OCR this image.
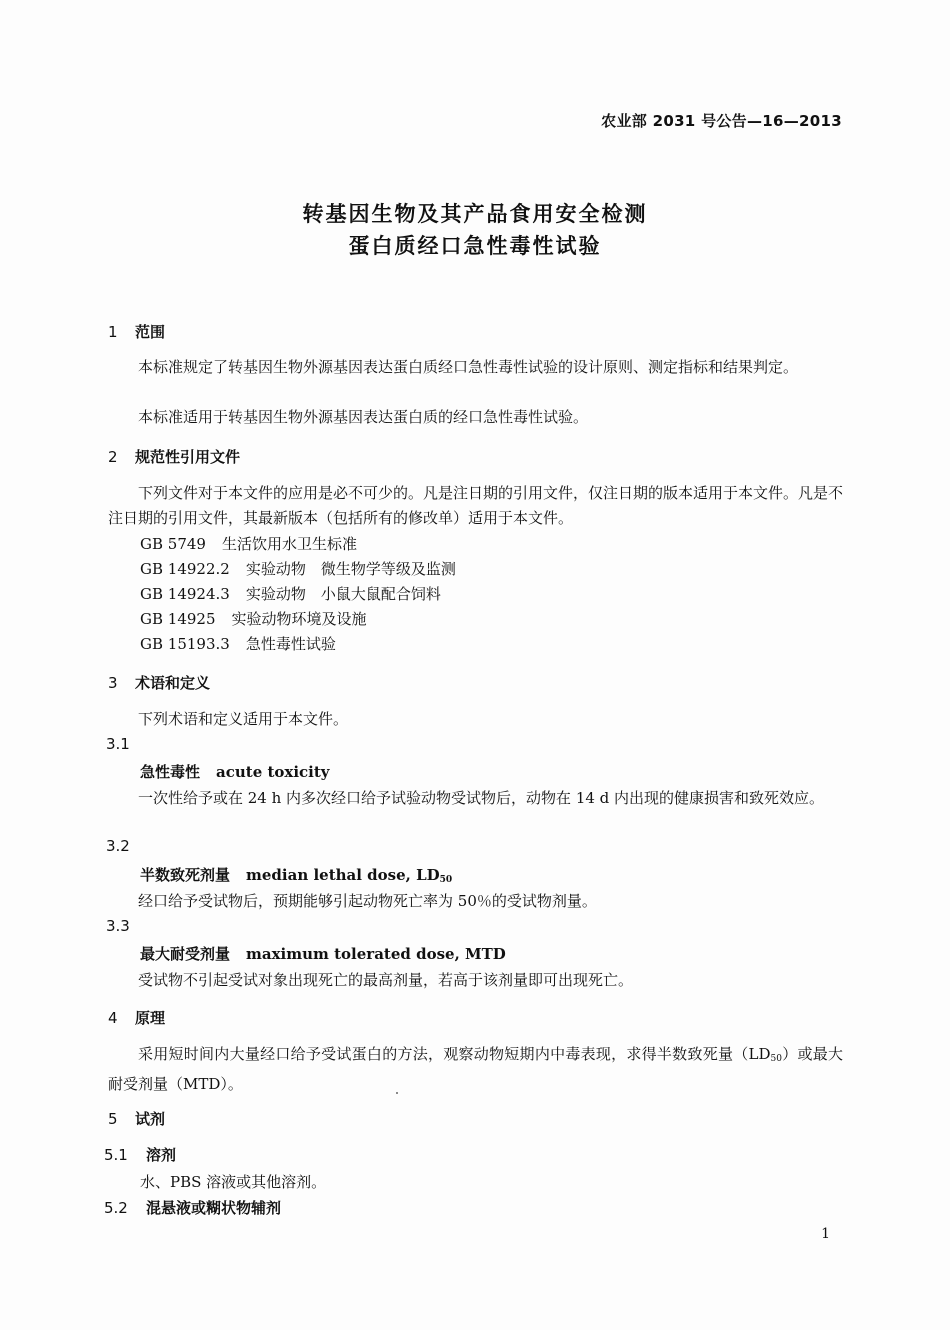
农业部 2031 号公告—16—2013
转基因生物及其产品食用安全检测
蛋白质经口急性毒性试验
1 范围
本标准规定了转基因生物外源基因表达蛋白质经口急性毒性试验的设计原则、测定指标和结果判定。
本标准适用于转基因生物外源基因表达蛋白质的经口急性毒性试验。
2 规范性引用文件
下列文件对于本文件的应用是必不可少的。凡是注日期的引用文件，仅注日期的版本适用于本文件。凡是不注日期的引用文件，其最新版本（包括所有的修改单）适用于本文件。
GB 5749 生活饮用水卫生标准
GB 14922.2 实验动物　微生物学等级及监测
GB 14924.3 实验动物　小鼠大鼠配合饲料
GB 14925 实验动物环境及设施
GB 15193.3 急性毒性试验
3 术语和定义
下列术语和定义适用于本文件。
3.1
急性毒性 acute toxicity
一次性给予或在 24 h 内多次经口给予试验动物受试物后，动物在 14 d 内出现的健康损害和致死效应。
3.2
半数致死剂量 median lethal dose, $LD_{50}$
经口给予受试物后，预期能够引起动物死亡率为 50％的受试物剂量。
3.3
最大耐受剂量 maximum tolerated dose, MTD
受试物不引起受试对象出现死亡的最高剂量，若高于该剂量即可出现死亡。
4 原理
采用短时间内大量经口给予受试蛋白的方法，观察动物短期内中毒表现，求得半数致死量$(LD_{50})$或最大耐受剂量（MTD）。
5 试剂
5.1 溶剂
水、PBS 溶液或其他溶剂。
5.2 混悬液或糊状物辅剂
1
